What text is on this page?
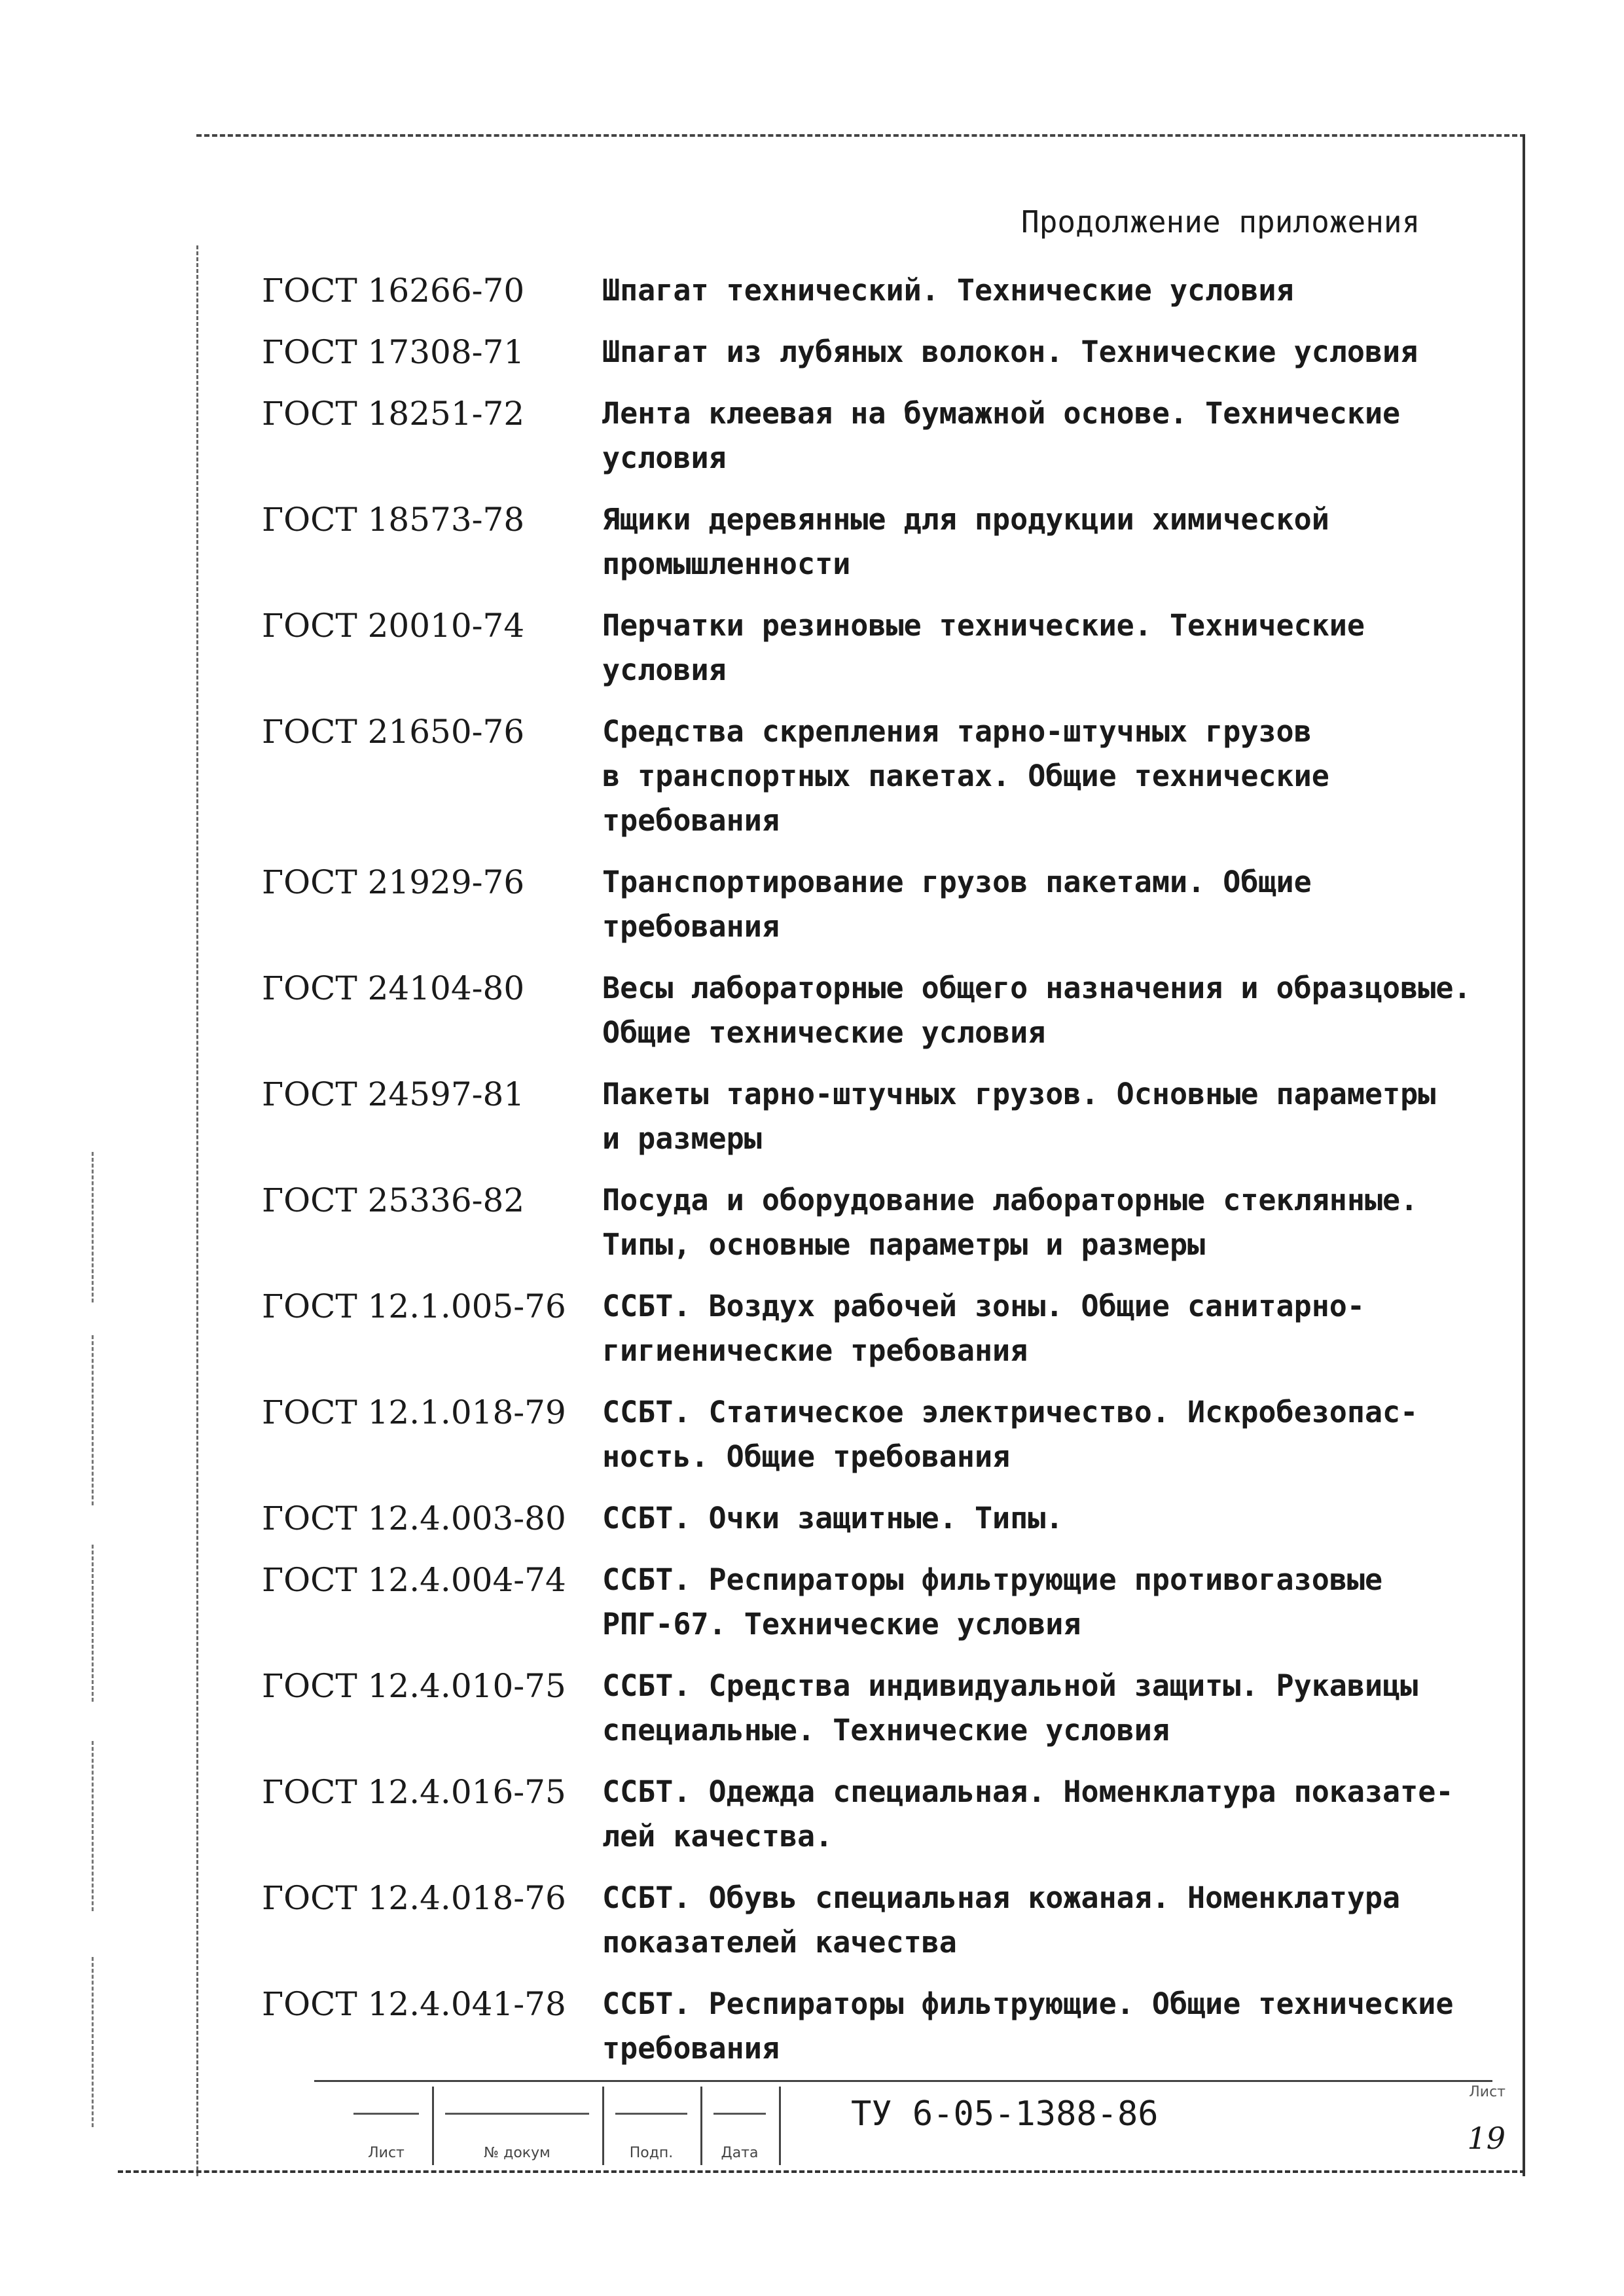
Продолжение приложения
ГОСТ 16266-70	Шпагат технический. Технические условия
ГОСТ 17308-71	Шпагат из лубяных волокон. Технические условия
ГОСТ 18251-72	Лента клеевая на бумажной основе. Технические
условия
ГОСТ 18573-78	Ящики деревянные для продукции химической
промышленности
ГОСТ 20010-74	Перчатки резиновые технические. Технические
условия
ГОСТ 21650-76	Средства скрепления тарно-штучных грузов
в транспортных пакетах. Общие технические
требования
ГОСТ 21929-76	Транспортирование грузов пакетами. Общие
требования
ГОСТ 24104-80	Весы лабораторные общего назначения и образцовые.
Общие технические условия
ГОСТ 24597-81	Пакеты тарно-штучных грузов. Основные параметры
и размеры
ГОСТ 25336-82	Посуда и оборудование лабораторные стеклянные.
Типы, основные параметры и размеры
ГОСТ 12.1.005-76	ССБТ. Воздух рабочей зоны. Общие санитарно-
гигиенические требования
ГОСТ 12.1.018-79	ССБТ. Статическое электричество. Искробезопас-
ность. Общие требования
ГОСТ 12.4.003-80	ССБТ. Очки защитные. Типы.
ГОСТ 12.4.004-74	ССБТ. Респираторы фильтрующие противогазовые
РПГ-67. Технические условия
ГОСТ 12.4.010-75	ССБТ. Средства индивидуальной защиты. Рукавицы
специальные. Технические условия
ГОСТ 12.4.016-75	ССБТ. Одежда специальная. Номенклатура показате-
лей качества.
ГОСТ 12.4.018-76	ССБТ. Обувь специальная кожаная. Номенклатура
показателей качества
ГОСТ 12.4.041-78	ССБТ. Респираторы фильтрующие. Общие технические
требования
Лист	№ докум	Подп.	Дата
ТУ 6-05-1388-86
Лист
19
